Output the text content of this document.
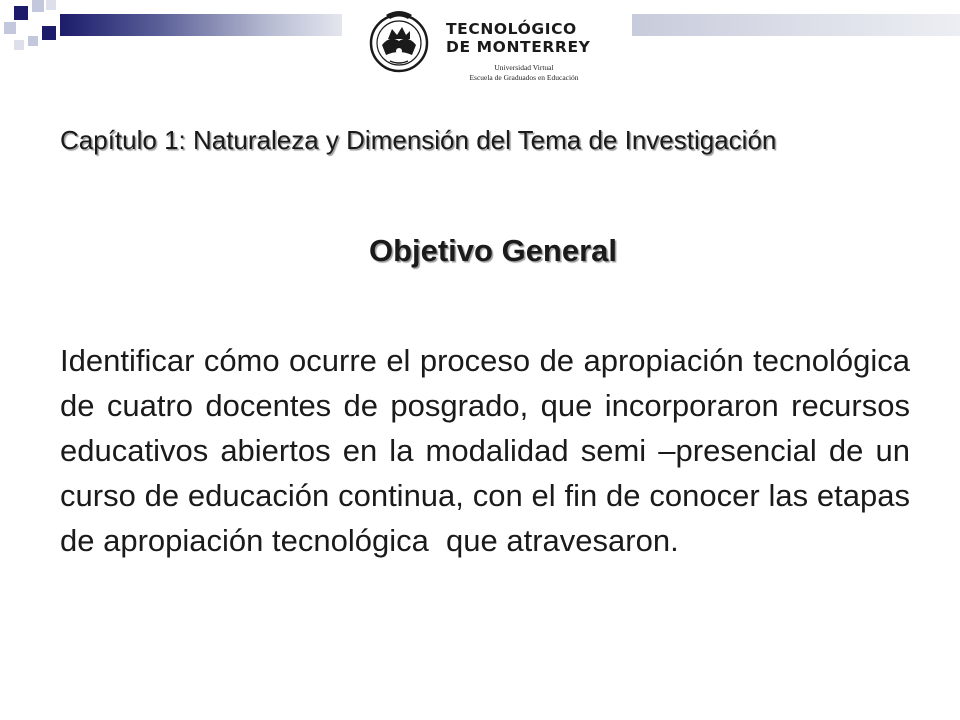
TECNOLÓGICO
DE MONTERREY
Universidad Virtual
Escuela de Graduados en Educación
Capítulo 1: Naturaleza y Dimensión del Tema de Investigación
Objetivo General

Identificar cómo ocurre el proceso de apropiación tecnológica de cuatro docentes de posgrado, que incorporaron recursos educativos abiertos en la modalidad semi –presencial de un curso de educación continua, con el fin de conocer las etapas de apropiación tecnológica  que atravesaron.
